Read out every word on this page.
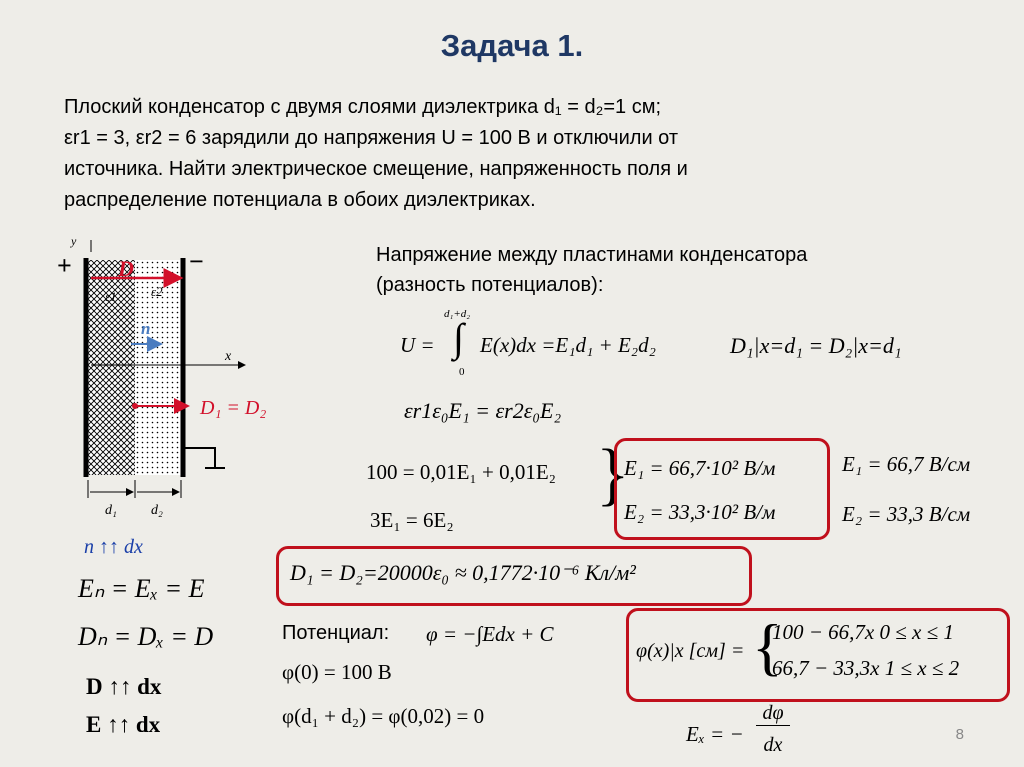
Задача 1.
Плоский конденсатор с двумя слоями диэлектрика d₁ = d₂=1 см;
εr1 = 3, εr2 = 6 зарядили до напряжения U = 100 В и отключили от
источника. Найти электрическое смещение, напряженность поля и
распределение потенциала в обоих диэлектриках.
y
x
+	−
D
ε1	ε2
n
D₁ = D₂
d₁ d₂
n ↑↑ dx
Eₙ = Eₓ = E
Dₙ = Dₓ = D
D ↑↑ dx
E ↑↑ dx
Напряжение между пластинами конденсатора
(разность потенциалов):
d₁+d₂
0
U = ∫ E(x)dx =E₁d₁ + E₂d₂	D₁|x=d₁ = D₂|x=d₁
εr1ε₀E₁ = εr2ε₀E₂
100 = 0,01E₁ + 0,01E₂
3E₁ = 6E₂
}
E₁ = 66,7·10² В/м
E₂ = 33,3·10² В/м
E₁ = 66,7 В/см
E₂ = 33,3 В/см
D₁ = D₂=20000ε₀ ≈ 0,1772·10⁻⁶ Кл/м²
Потенциал: φ = −∫Edx + C
φ(0) = 100 В
φ(d₁ + d₂) = φ(0,02) = 0
φ(x)|x [см] = {
100 − 66,7x 0 ≤ x ≤ 1
66,7 − 33,3x 1 ≤ x ≤ 2
Eₓ = −
dφ
dx	8
